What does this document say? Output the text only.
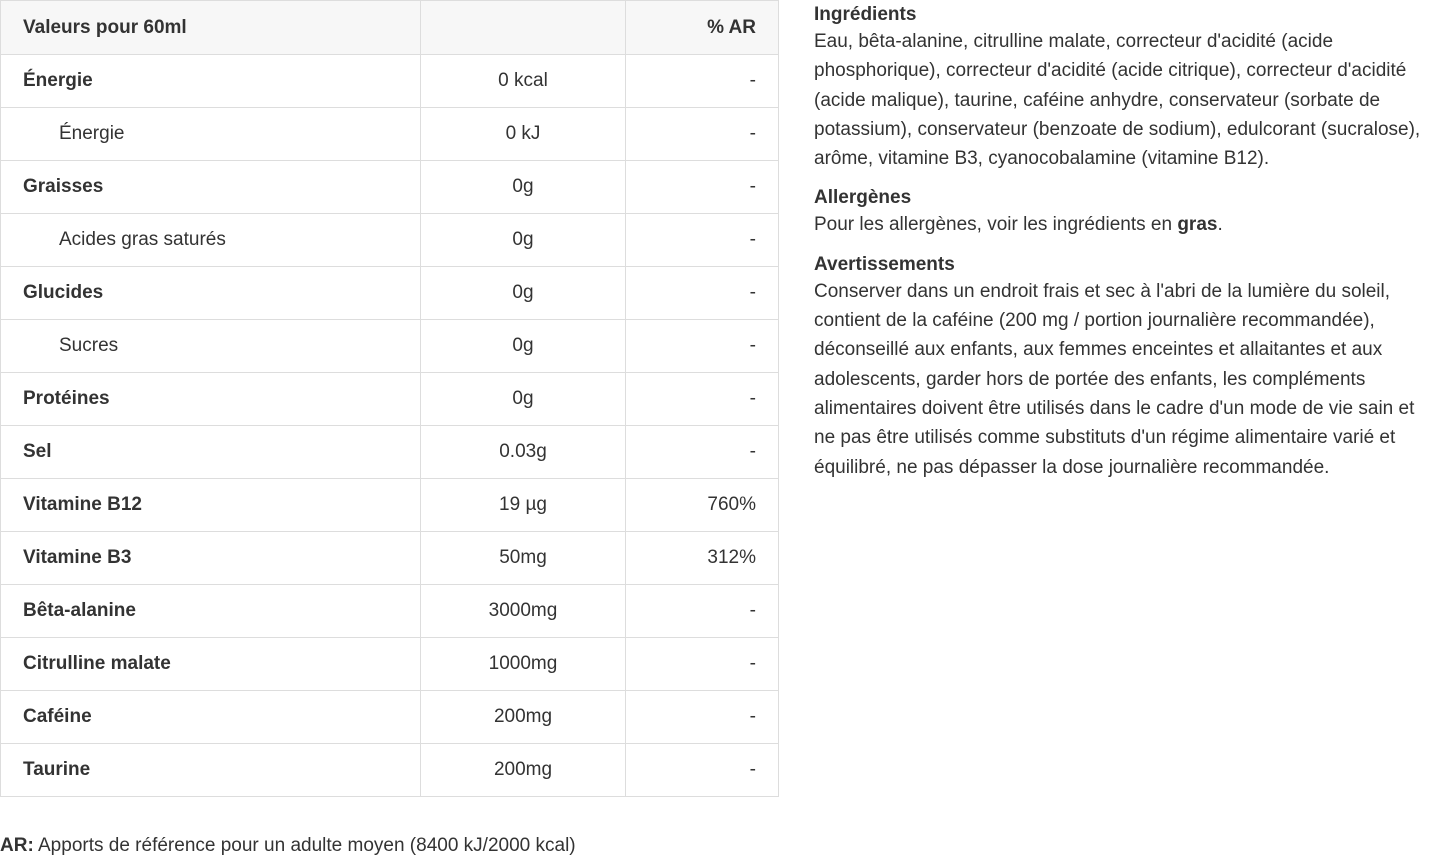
Valeurs pour 60ml		% AR
Énergie	0 kcal	-
Énergie	0 kJ	-
Graisses	0g	-
Acides gras saturés	0g	-
Glucides	0g	-
Sucres	0g	-
Protéines	0g	-
Sel	0.03g	-
Vitamine B12	19 µg	760%
Vitamine B3	50mg	312%
Bêta-alanine	3000mg	-
Citrulline malate	1000mg	-
Caféine	200mg	-
Taurine	200mg	-
AR: Apports de référence pour un adulte moyen (8400 kJ/2000 kcal)
Ingrédients

Eau, bêta-alanine, citrulline malate, correcteur d'acidité (acide phosphorique), correcteur d'acidité (acide citrique), correcteur d'acidité (acide malique), taurine, caféine anhydre, conservateur (sorbate de potassium), conservateur (benzoate de sodium), edulcorant (sucralose), arôme, vitamine B3, cyanocobalamine (vitamine B12).

Allergènes

Pour les allergènes, voir les ingrédients en gras.

Avertissements

Conserver dans un endroit frais et sec à l'abri de la lumière du soleil, contient de la caféine (200 mg / portion journalière recommandée), déconseillé aux enfants, aux femmes enceintes et allaitantes et aux adolescents, garder hors de portée des enfants, les compléments alimentaires doivent être utilisés dans le cadre d'un mode de vie sain et ne pas être utilisés comme substituts d'un régime alimentaire varié et équilibré, ne pas dépasser la dose journalière recommandée.
